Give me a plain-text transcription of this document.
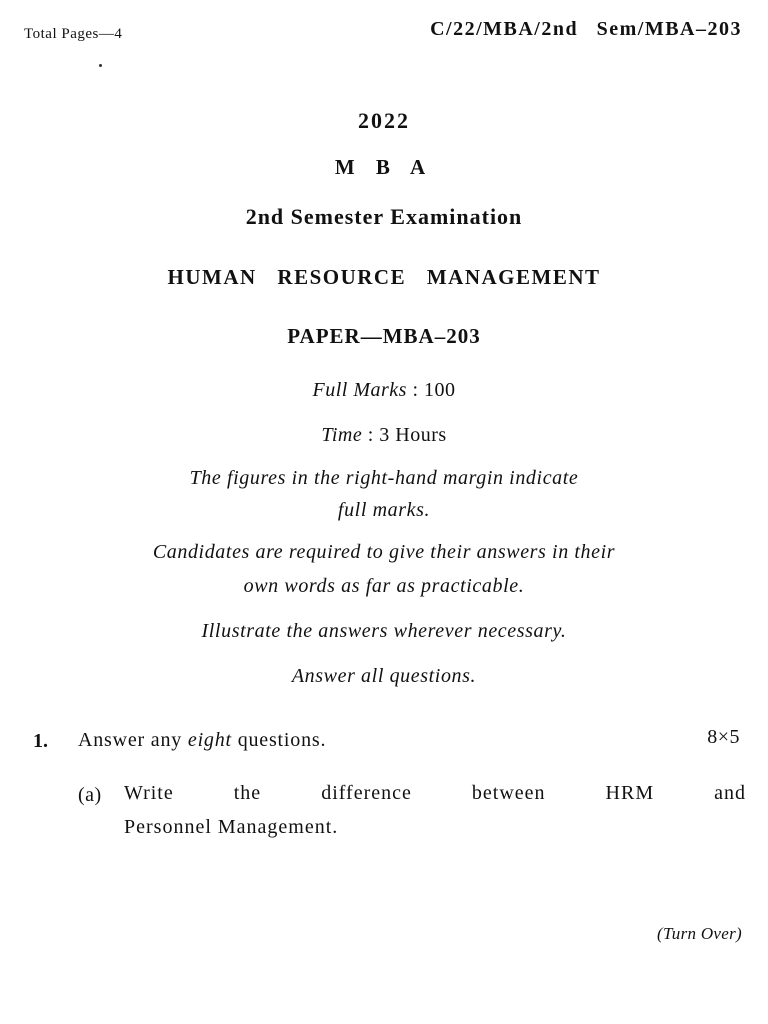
Total Pages—4	C/22/MBA/2nd Sem/MBA–203
2022
M B A
2nd Semester Examination
HUMAN RESOURCE MANAGEMENT
PAPER—MBA–203
Full Marks : 100
Time : 3 Hours
The figures in the right-hand margin indicate
full marks.
Candidates are required to give their answers in their
own words as far as practicable.
Illustrate the answers wherever necessary.
Answer all questions.
1. Answer any eight questions.	8×5
(a) Write the difference between HRM and
Personnel Management.
(Turn Over)
